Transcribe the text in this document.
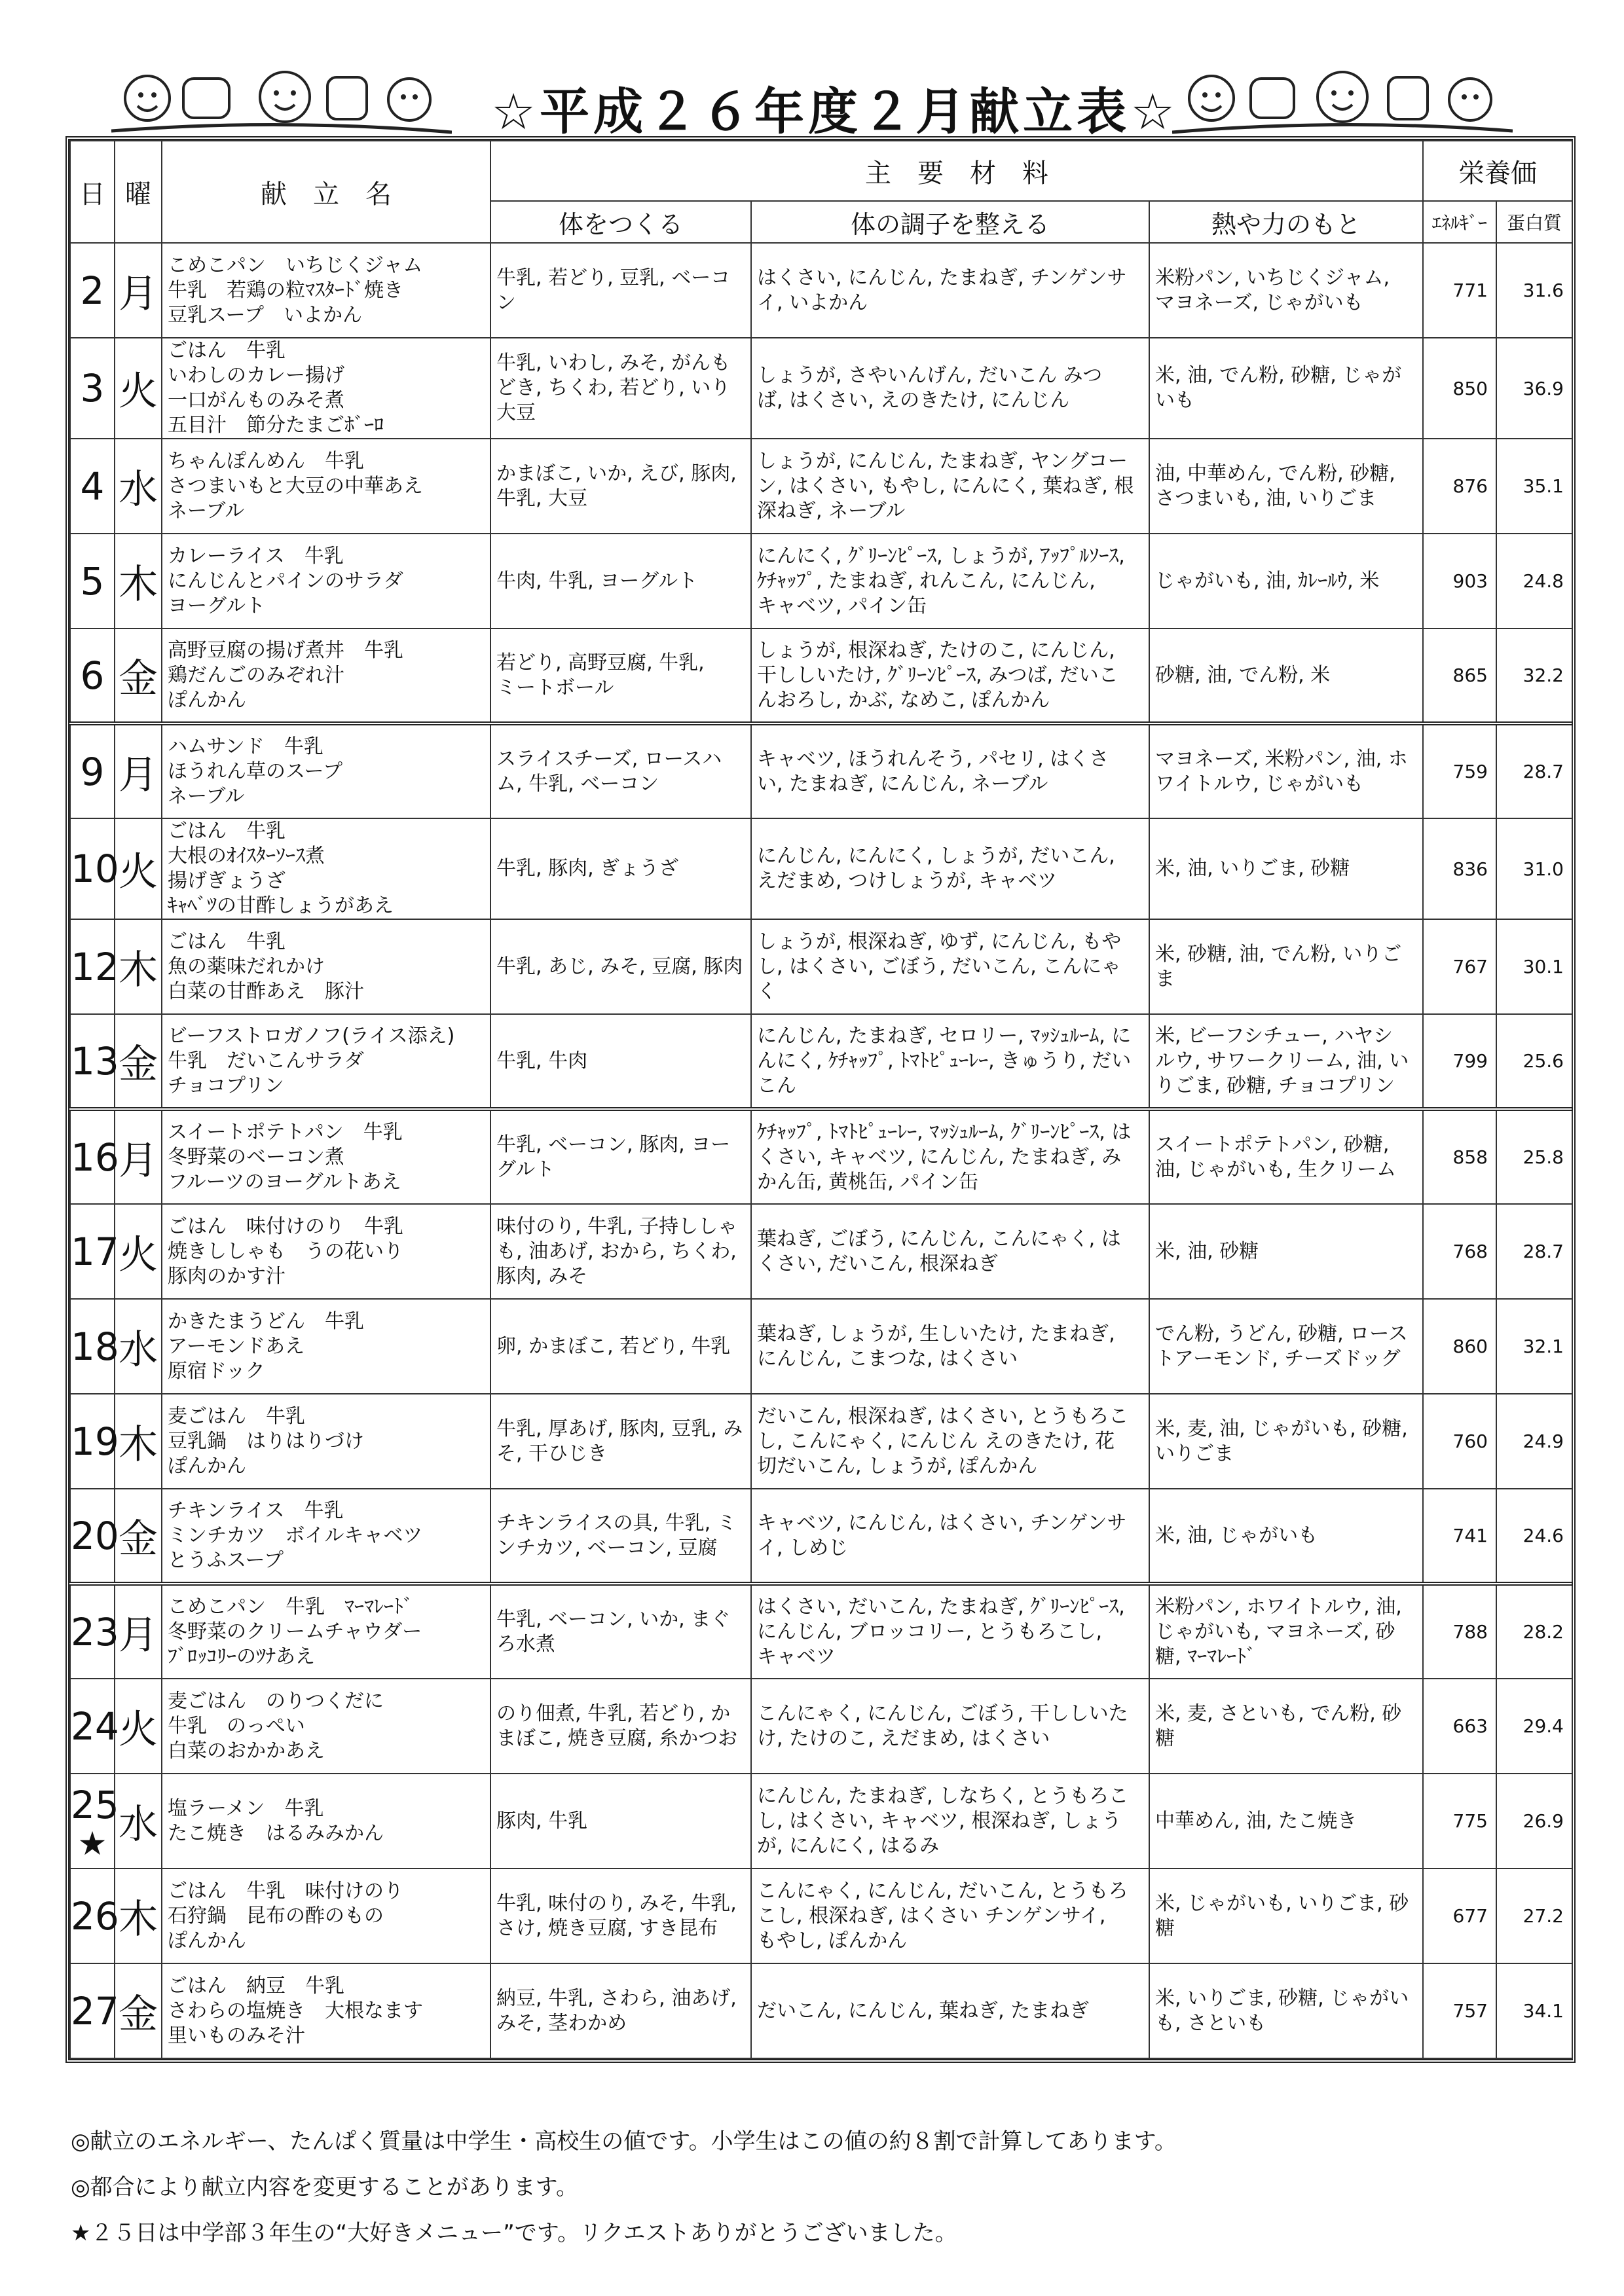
☆平成２６年度２月献立表☆
日	曜	献　立　名	主　要　材　料			栄養価	
			体をつくる	体の調子を整える	熱や力のもと	ｴﾈﾙｷﾞｰ	蛋白質
2	月	こめこパン　いちじくジャム
牛乳　若鶏の粒ﾏｽﾀｰﾄﾞ焼き
豆乳スープ　いよかん	牛乳, 若どり, 豆乳, ベーコ
ン	はくさい, にんじん, たまねぎ, チンゲンサ
イ, いよかん	米粉パン, いちじくジャム,
マヨネーズ, じゃがいも	771	31.6
3	火	ごはん　牛乳
いわしのカレー揚げ
一口がんものみそ煮
五目汁　節分たまごﾎﾞｰﾛ	牛乳, いわし, みそ, がんも
どき, ちくわ, 若どり, いり
大豆	しょうが, さやいんげん, だいこん みつ
ば, はくさい, えのきたけ, にんじん	米, 油, でん粉, 砂糖, じゃが
いも	850	36.9
4	水	ちゃんぽんめん　牛乳
さつまいもと大豆の中華あえ
ネーブル	かまぼこ, いか, えび, 豚肉,
牛乳, 大豆	しょうが, にんじん, たまねぎ, ヤングコー
ン, はくさい, もやし, にんにく, 葉ねぎ, 根
深ねぎ, ネーブル	油, 中華めん, でん粉, 砂糖,
さつまいも, 油, いりごま	876	35.1
5	木	カレーライス　牛乳
にんじんとパインのサラダ
ヨーグルト	牛肉, 牛乳, ヨーグルト	にんにく, ｸﾞﾘｰﾝﾋﾟｰｽ, しょうが, ｱｯﾌﾟﾙｿｰｽ,
ｹﾁｬｯﾌﾟ, たまねぎ, れんこん, にんじん,
キャベツ, パイン缶	じゃがいも, 油, ｶﾚｰﾙｳ, 米	903	24.8
6	金	高野豆腐の揚げ煮丼　牛乳
鶏だんごのみぞれ汁
ぽんかん	若どり, 高野豆腐, 牛乳,
ミートボール	しょうが, 根深ねぎ, たけのこ, にんじん,
干ししいたけ, ｸﾞﾘｰﾝﾋﾟｰｽ, みつば, だいこ
んおろし, かぶ, なめこ, ぽんかん	砂糖, 油, でん粉, 米	865	32.2
9	月	ハムサンド　牛乳
ほうれん草のスープ
ネーブル	スライスチーズ, ロースハ
ム, 牛乳, ベーコン	キャベツ, ほうれんそう, パセリ, はくさ
い, たまねぎ, にんじん, ネーブル	マヨネーズ, 米粉パン, 油, ホ
ワイトルウ, じゃがいも	759	28.7
10	火	ごはん　牛乳
大根のｵｲｽﾀｰｿｰｽ煮
揚げぎょうざ
ｷｬﾍﾞﾂの甘酢しょうがあえ	牛乳, 豚肉, ぎょうざ	にんじん, にんにく, しょうが, だいこん,
えだまめ, つけしょうが, キャベツ	米, 油, いりごま, 砂糖	836	31.0
12	木	ごはん　牛乳
魚の薬味だれかけ
白菜の甘酢あえ　豚汁	牛乳, あじ, みそ, 豆腐, 豚肉	しょうが, 根深ねぎ, ゆず, にんじん, もや
し, はくさい, ごぼう, だいこん, こんにゃ
く	米, 砂糖, 油, でん粉, いりご
ま	767	30.1
13	金	ビーフストロガノフ(ライス添え)
牛乳　だいこんサラダ
チョコプリン	牛乳, 牛肉	にんじん, たまねぎ, セロリー, ﾏｯｼｭﾙｰﾑ, に
んにく, ｹﾁｬｯﾌﾟ, ﾄﾏﾄﾋﾟｭｰﾚｰ, きゅうり, だい
こん	米, ビーフシチュー, ハヤシ
ルウ, サワークリーム, 油, い
りごま, 砂糖, チョコプリン	799	25.6
16	月	スイートポテトパン　牛乳
冬野菜のベーコン煮
フルーツのヨーグルトあえ	牛乳, ベーコン, 豚肉, ヨー
グルト	ｹﾁｬｯﾌﾟ, ﾄﾏﾄﾋﾟｭｰﾚｰ, ﾏｯｼｭﾙｰﾑ, ｸﾞﾘｰﾝﾋﾟｰｽ, は
くさい, キャベツ, にんじん, たまねぎ, み
かん缶, 黄桃缶, パイン缶	スイートポテトパン, 砂糖,
油, じゃがいも, 生クリーム	858	25.8
17	火	ごはん　味付けのり　牛乳
焼きししゃも　うの花いり
豚肉のかす汁	味付のり, 牛乳, 子持ししゃ
も, 油あげ, おから, ちくわ,
豚肉, みそ	葉ねぎ, ごぼう, にんじん, こんにゃく, は
くさい, だいこん, 根深ねぎ	米, 油, 砂糖	768	28.7
18	水	かきたまうどん　牛乳
アーモンドあえ
原宿ドック	卵, かまぼこ, 若どり, 牛乳	葉ねぎ, しょうが, 生しいたけ, たまねぎ,
にんじん, こまつな, はくさい	でん粉, うどん, 砂糖, ロース
トアーモンド, チーズドッグ	860	32.1
19	木	麦ごはん　牛乳
豆乳鍋　はりはりづけ
ぽんかん	牛乳, 厚あげ, 豚肉, 豆乳, み
そ, 干ひじき	だいこん, 根深ねぎ, はくさい, とうもろこ
し, こんにゃく, にんじん えのきたけ, 花
切だいこん, しょうが, ぽんかん	米, 麦, 油, じゃがいも, 砂糖,
いりごま	760	24.9
20	金	チキンライス　牛乳
ミンチカツ　ボイルキャベツ
とうふスープ	チキンライスの具, 牛乳, ミ
ンチカツ, ベーコン, 豆腐	キャベツ, にんじん, はくさい, チンゲンサ
イ, しめじ	米, 油, じゃがいも	741	24.6
23	月	こめこパン　牛乳　ﾏｰﾏﾚｰﾄﾞ
冬野菜のクリームチャウダー
ﾌﾞﾛｯｺﾘｰのﾂﾅあえ	牛乳, ベーコン, いか, まぐ
ろ水煮	はくさい, だいこん, たまねぎ, ｸﾞﾘｰﾝﾋﾟｰｽ,
にんじん, ブロッコリー, とうもろこし,
キャベツ	米粉パン, ホワイトルウ, 油,
じゃがいも, マヨネーズ, 砂
糖, ﾏｰﾏﾚｰﾄﾞ	788	28.2
24	火	麦ごはん　のりつくだに
牛乳　のっぺい
白菜のおかかあえ	のり佃煮, 牛乳, 若どり, か
まぼこ, 焼き豆腐, 糸かつお	こんにゃく, にんじん, ごぼう, 干ししいた
け, たけのこ, えだまめ, はくさい	米, 麦, さといも, でん粉, 砂
糖	663	29.4
25
★	水	塩ラーメン　牛乳
たこ焼き　はるみみかん	豚肉, 牛乳	にんじん, たまねぎ, しなちく, とうもろこ
し, はくさい, キャベツ, 根深ねぎ, しょう
が, にんにく, はるみ	中華めん, 油, たこ焼き	775	26.9
26	木	ごはん　牛乳　味付けのり
石狩鍋　昆布の酢のもの
ぽんかん	牛乳, 味付のり, みそ, 牛乳,
さけ, 焼き豆腐, すき昆布	こんにゃく, にんじん, だいこん, とうもろ
こし, 根深ねぎ, はくさい チンゲンサイ,
もやし, ぽんかん	米, じゃがいも, いりごま, 砂
糖	677	27.2
27	金	ごはん　納豆　牛乳
さわらの塩焼き　大根なます
里いものみそ汁	納豆, 牛乳, さわら, 油あげ,
みそ, 茎わかめ	だいこん, にんじん, 葉ねぎ, たまねぎ	米, いりごま, 砂糖, じゃがい
も, さといも	757	34.1
◎献立のエネルギー、たんぱく質量は中学生・高校生の値です。小学生はこの値の約８割で計算してあります。
◎都合により献立内容を変更することがあります。
★２５日は中学部３年生の“大好きメニュー”です。リクエストありがとうございました。
